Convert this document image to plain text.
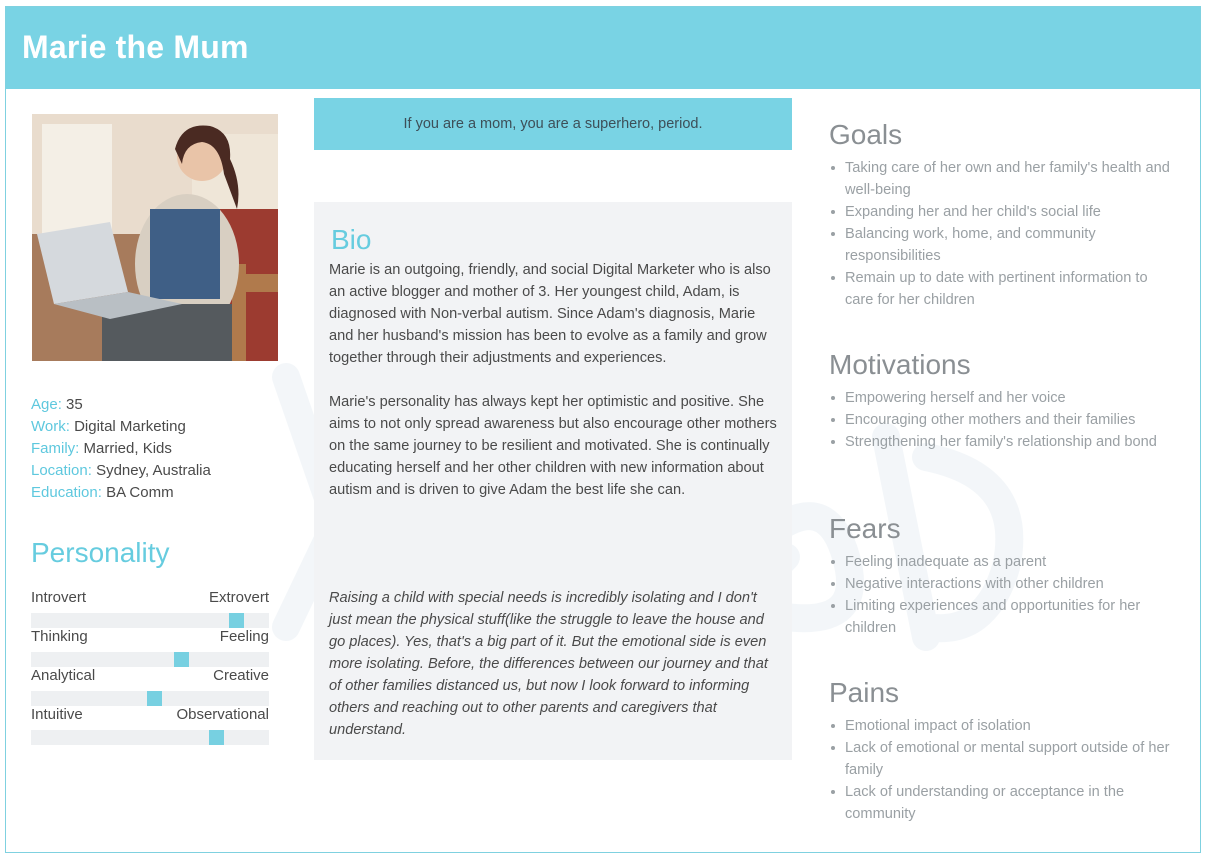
Marie the Mum
Age: 35
Work: Digital Marketing
Family: Married, Kids
Location: Sydney, Australia
Education: BA Comm
Personality
Introvert	Extrovert
Thinking	Feeling
Analytical	Creative
Intuitive	Observational
If you are a mom, you are a superhero, period.
Bio

Marie is an outgoing, friendly, and social Digital Marketer who is also an active blogger and mother of 3. Her youngest child, Adam, is diagnosed with Non-verbal autism. Since Adam's diagnosis, Marie and her husband's mission has been to evolve as a family and grow together through their adjustments and experiences.

Marie's personality has always kept her optimistic and positive. She aims to not only spread awareness but also encourage other mothers on the same journey to be resilient and motivated. She is continually educating herself and her other children with new information about autism and is driven to give Adam the best life she can.

Raising a child with special needs is incredibly isolating and I don't just mean the physical stuff(like the struggle to leave the house and go places). Yes, that's a big part of it. But the emotional side is even more isolating. Before, the differences between our journey and that of other families distanced us, but now I look forward to informing others and reaching out to other parents and caregivers that understand.
Goals
Taking care of her own and her family's health and well-being
Expanding her and her child's social life
Balancing work, home, and community responsibilities
Remain up to date with pertinent information to care for her children
Motivations
Empowering herself and her voice
Encouraging other mothers and their families
Strengthening her family's relationship and bond
Fears
Feeling inadequate as a parent
Negative interactions with other children
Limiting experiences and opportunities for her children
Pains
Emotional impact of isolation
Lack of emotional or mental support outside of her family
Lack of understanding or acceptance in the community
